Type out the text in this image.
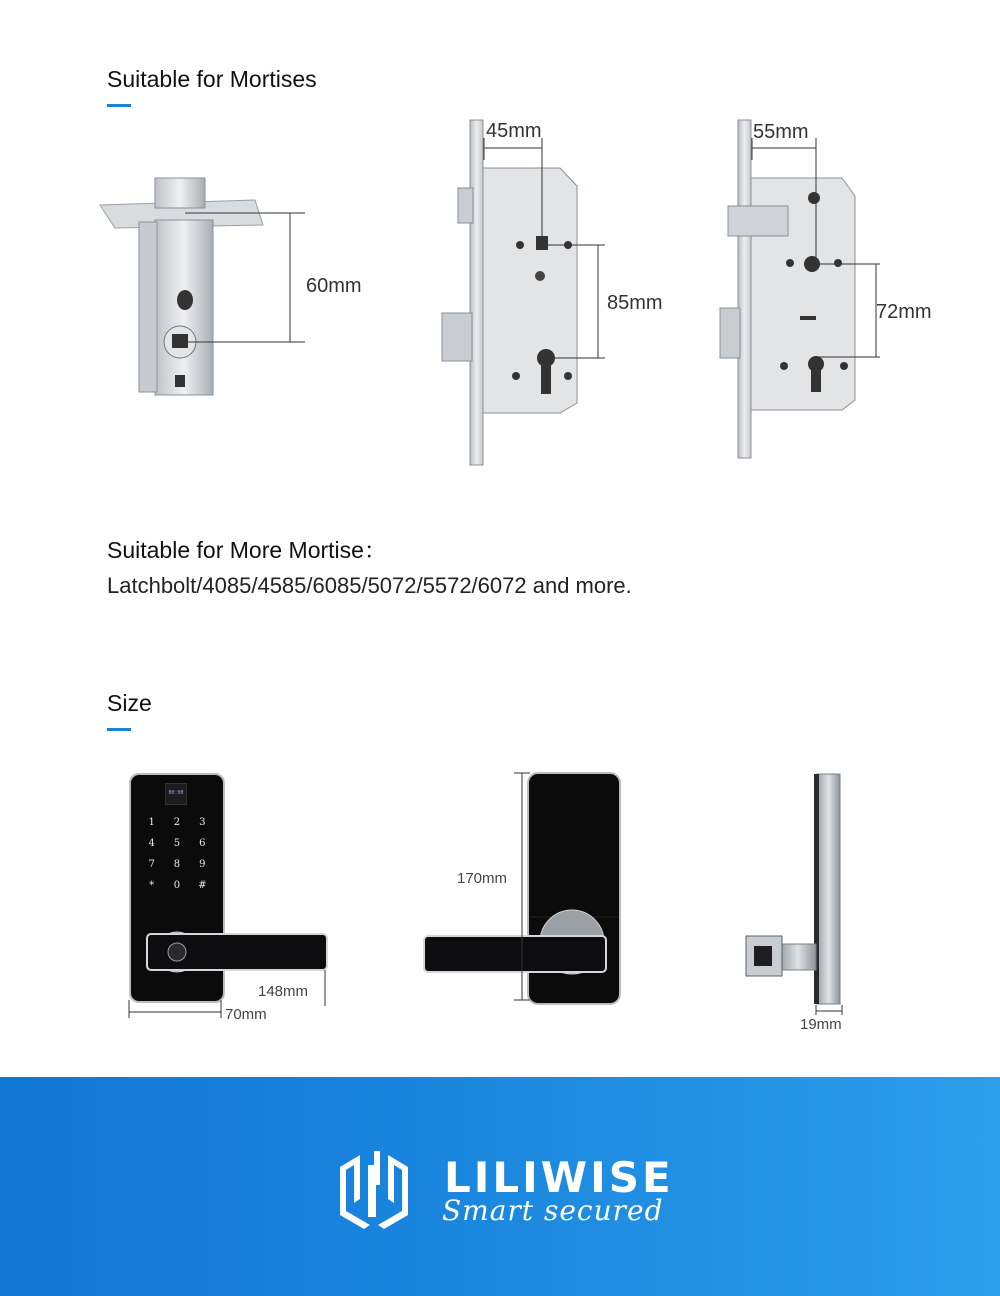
Suitable for Mortises
60mm
45mm
85mm
55mm
72mm
Suitable for More Mortise：
Latchbolt/4085/4585/6085/5072/5572/6072 and more.
Size
00:00
1	2	3
4	5	6
7	8	9
*	0	#
148mm
70mm
170mm
19mm
LILIWISE
Smart secured
